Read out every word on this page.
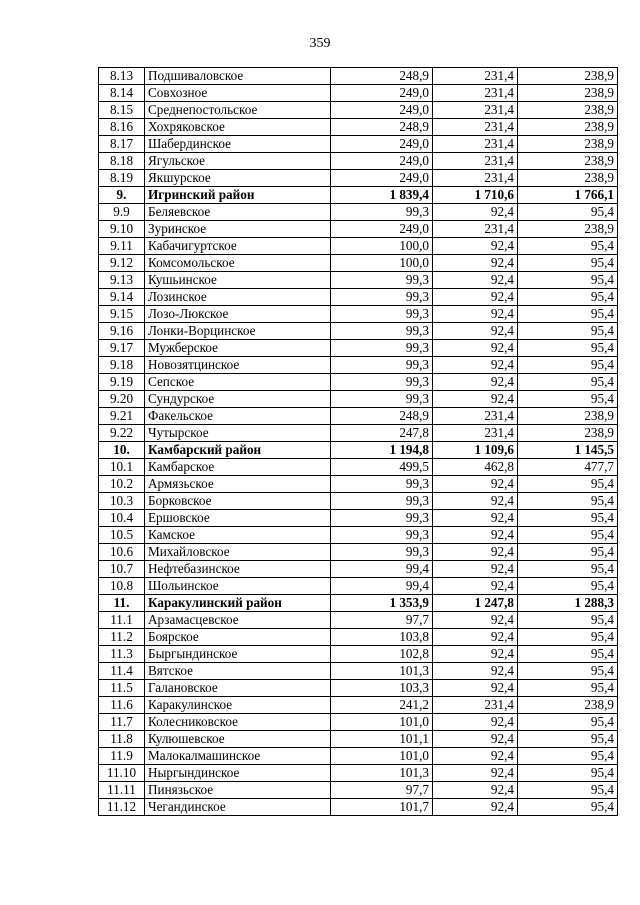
359
8.13	Подшиваловское	248,9	231,4	238,9
8.14	Совхозное	249,0	231,4	238,9
8.15	Среднепостольское	249,0	231,4	238,9
8.16	Хохряковское	248,9	231,4	238,9
8.17	Шабердинское	249,0	231,4	238,9
8.18	Ягульское	249,0	231,4	238,9
8.19	Якшурское	249,0	231,4	238,9
9.	Игринский район	1 839,4	1 710,6	1 766,1
9.9	Беляевское	99,3	92,4	95,4
9.10	Зуринское	249,0	231,4	238,9
9.11	Кабачигуртское	100,0	92,4	95,4
9.12	Комсомольское	100,0	92,4	95,4
9.13	Кушьинское	99,3	92,4	95,4
9.14	Лозинское	99,3	92,4	95,4
9.15	Лозо-Люкское	99,3	92,4	95,4
9.16	Лонки-Ворцинское	99,3	92,4	95,4
9.17	Мужберское	99,3	92,4	95,4
9.18	Новозятцинское	99,3	92,4	95,4
9.19	Сепское	99,3	92,4	95,4
9.20	Сундурское	99,3	92,4	95,4
9.21	Факельское	248,9	231,4	238,9
9.22	Чутырское	247,8	231,4	238,9
10.	Камбарский район	1 194,8	1 109,6	1 145,5
10.1	Камбарское	499,5	462,8	477,7
10.2	Армязьское	99,3	92,4	95,4
10.3	Борковское	99,3	92,4	95,4
10.4	Ершовское	99,3	92,4	95,4
10.5	Камское	99,3	92,4	95,4
10.6	Михайловское	99,3	92,4	95,4
10.7	Нефтебазинское	99,4	92,4	95,4
10.8	Шольинское	99,4	92,4	95,4
11.	Каракулинский район	1 353,9	1 247,8	1 288,3
11.1	Арзамасцевское	97,7	92,4	95,4
11.2	Боярское	103,8	92,4	95,4
11.3	Быргындинское	102,8	92,4	95,4
11.4	Вятское	101,3	92,4	95,4
11.5	Галановское	103,3	92,4	95,4
11.6	Каракулинское	241,2	231,4	238,9
11.7	Колесниковское	101,0	92,4	95,4
11.8	Кулюшевское	101,1	92,4	95,4
11.9	Малокалмашинское	101,0	92,4	95,4
11.10	Ныргындинское	101,3	92,4	95,4
11.11	Пинязьское	97,7	92,4	95,4
11.12	Чегандинское	101,7	92,4	95,4
